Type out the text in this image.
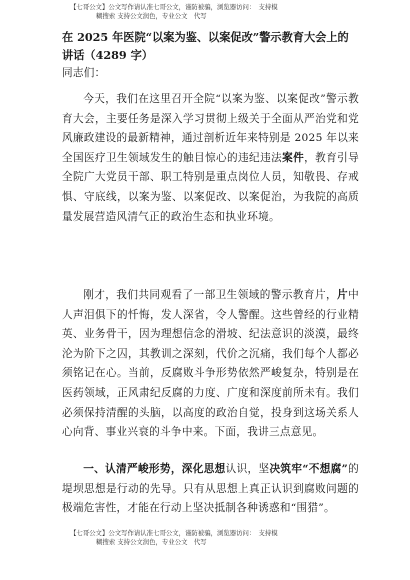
【七哥公文】公文写作请认准七哥公文，谨防被骗，浏览器访问：　支持模
糊搜索 支持公文润色，专业公文　代写
在 2025 年医院“以案为鉴、以案促改”警示教育大会上的
讲话（4289 字）
同志们：

今天，我们在这里召开全院“以案为鉴、以案促改”警示教育大会，主要任务是深入学习贯彻上级关于全面从严治党和党风廉政建设的最新精神，通过剖析近年来特别是 2025 年以来全国医疗卫生领域发生的触目惊心的违纪违法案件，教育引导全院广大党员干部、职工特别是重点岗位人员，知敬畏、存戒惧、守底线，以案为鉴、以案促改、以案促治，为我院的高质量发展营造风清气正的政治生态和执业环境。

刚才，我们共同观看了一部卫生领域的警示教育片，片中人声泪俱下的忏悔，发人深省，令人警醒。这些曾经的行业精英、业务骨干，因为理想信念的滑坡、纪法意识的淡漠，最终沦为阶下之囚，其教训之深刻，代价之沉痛，我们每个人都必须铭记在心。当前，反腐败斗争形势依然严峻复杂，特别是在医药领域，正风肃纪反腐的力度、广度和深度前所未有。我们必须保持清醒的头脑，以高度的政治自觉，投身到这场关系人心向背、事业兴衰的斗争中来。下面，我讲三点意见。

一、认清严峻形势，深化思想认识，坚决筑牢“不想腐”的堤坝思想是行动的先导。只有从思想上真正认识到腐败问题的极端危害性，才能在行动上坚决抵制各种诱惑和“围猎”。

【七哥公文】公文写作请认准七哥公文，谨防被骗，浏览器访问：　支持模
糊搜索 支持公文润色，专业公文　代写
